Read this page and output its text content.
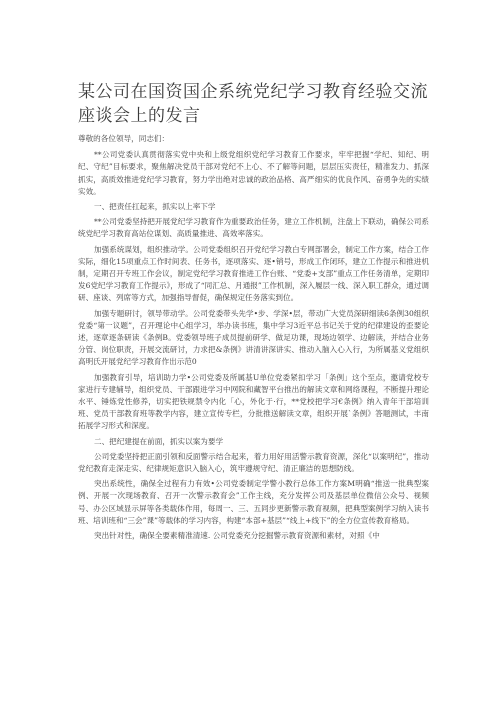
某公司在国资国企系统党纪学习教育经验交流座谈会上的发言

尊敬的各位领导，同志们：

**公司党委认真贯彻落实党中央和上级党组织党纪学习教育工作要求，牢牢把握“学纪、知纪、明纪、守纪”目标要求，聚焦解决党员干部对党纪不上心、不了解等问题，层层压实责任，精准发力、抓深抓实，高质效推进党纪学习教育，努力学出绝对忠诚的政治品格、高严细实的优良作风、奋勇争先的实绩实效。

一、把责任扛起来，抓实以上率下学

**公司党委坚持把开展党纪学习教育作为重要政治任务，建立工作机制，注盘上下联动，确保公司系统党纪学习教育高站位谋划、高质量推进、高效率落实。

加强系统谋划，组织推动学。公司党委组织召开党纪学习教白专网部署会，制定工作方案，结合工作实际，细化15项重点工作时间表、任务书，逐项落实、逐•销号，形成工作闭环，建立工作提示和推进机制，定期召开专班工作会议，制定党纪学习教育推进工作台账、“党委+支部”重点工作任务清单，定期印发6党纪学习教育工作提示》，形成了“同汇总、月通报”工作机制，深入履层一线、深入职工群众，通过调研、座谈、列席等方式，加强指导督促，确保规定任务落实到位。

加强专题研讨，领导带动学。公司党委带头先学•步、学深•层，带动广大党员深研细读6条例30组织党委“第一议题”，召开理论中心组学习，举办读书班，集中学习3近平总书记关于党的纪律建设的歪要论述，逐章逐条研读《条例B。党委领导班子成员提前研学、做足功课，现场边领学、边解读，并结合业务分管、岗位职责，开展交流研讨，力求把&条例》讲清讲深讲实、推动入脑入心入行，为所属基义党组织高明氏开展党纪学习教育作出示范0

加强教育引导，培训助力学•公司党委及所属基U单位党委紧扣学习「条例」这个至点，邀请党校专家进行专建辅导，组织党员、干部跟进学习中网院和藏智平台推出的解读文章和网络课程，不断提升理论水平、锤炼党性修养，切实把铁规禁令内化「心，外化于·行，**党校把学习€条例》纳入青年干部培训班、党员干部教育班等教学内容，建立宣传专栏，分批推送解读文章，组织开展`条例》答题测试，丰南拓展学习形式和深度。

二、把纪建提在前面，抓实以案为要学

公司党委坚持把正面引领和反面警示结合起来，着力用好用活警示教育资源，深化“以案明纪”，推动党纪教育走深走实、纪律规矩意识入脑入心，筑牢遵规守纪、清正廉洁的思想防线。

突出系统性，确保全过程有力有效•公司党委制定学警小教行总体工作方案M明确“推送一批典型案例、开展一次现场教育、召开一次警示教育会”工作主线，充分发挥公司及基层单位微信公众号、视频号、办公区域显示屏等各类载体作用，每周一、三、五同步更新警示教育视频，把典型案例学习纳入读书班、培训班和“三会”课”等载体的学习内容，构建“本部+基层”“线上+线下”的全方位宣传教育格局。

突出针对性，确保全要素精准清速. 公司党委充分挖掘警示教育资源和素材，对照《中
